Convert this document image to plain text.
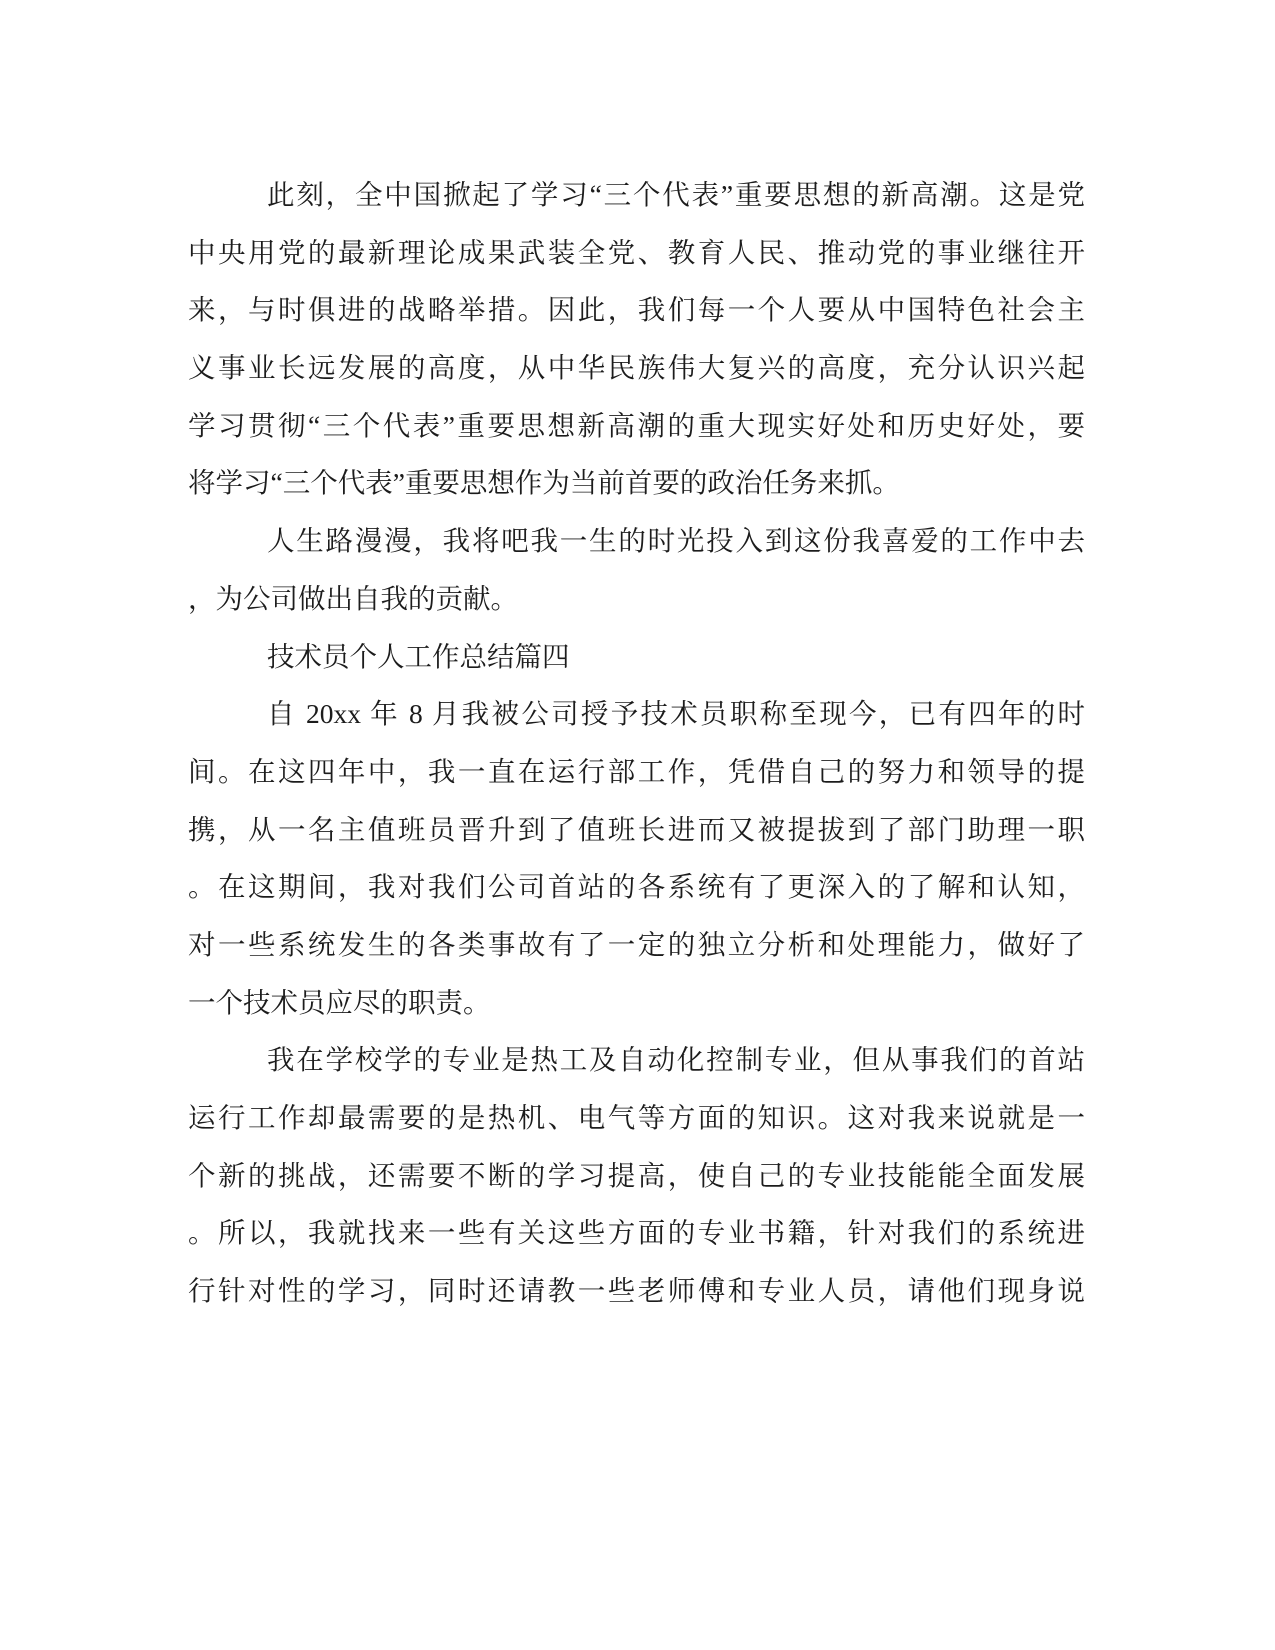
此刻，全中国掀起了学习“三个代表”重要思想的新高潮。这是党
中央用党的最新理论成果武装全党、教育人民、推动党的事业继往开
来，与时俱进的战略举措。因此，我们每一个人要从中国特色社会主
义事业长远发展的高度，从中华民族伟大复兴的高度，充分认识兴起
学习贯彻“三个代表”重要思想新高潮的重大现实好处和历史好处，要
将学习“三个代表”重要思想作为当前首要的政治任务来抓。
人生路漫漫，我将吧我一生的时光投入到这份我喜爱的工作中去
，为公司做出自我的贡献。
技术员个人工作总结篇四
自 20xx 年 8 月我被公司授予技术员职称至现今，已有四年的时
间。在这四年中，我一直在运行部工作，凭借自己的努力和领导的提
携，从一名主值班员晋升到了值班长进而又被提拔到了部门助理一职
。在这期间，我对我们公司首站的各系统有了更深入的了解和认知，
对一些系统发生的各类事故有了一定的独立分析和处理能力，做好了
一个技术员应尽的职责。
我在学校学的专业是热工及自动化控制专业，但从事我们的首站
运行工作却最需要的是热机、电气等方面的知识。这对我来说就是一
个新的挑战，还需要不断的学习提高，使自己的专业技能能全面发展
。所以，我就找来一些有关这些方面的专业书籍，针对我们的系统进
行针对性的学习，同时还请教一些老师傅和专业人员，请他们现身说
